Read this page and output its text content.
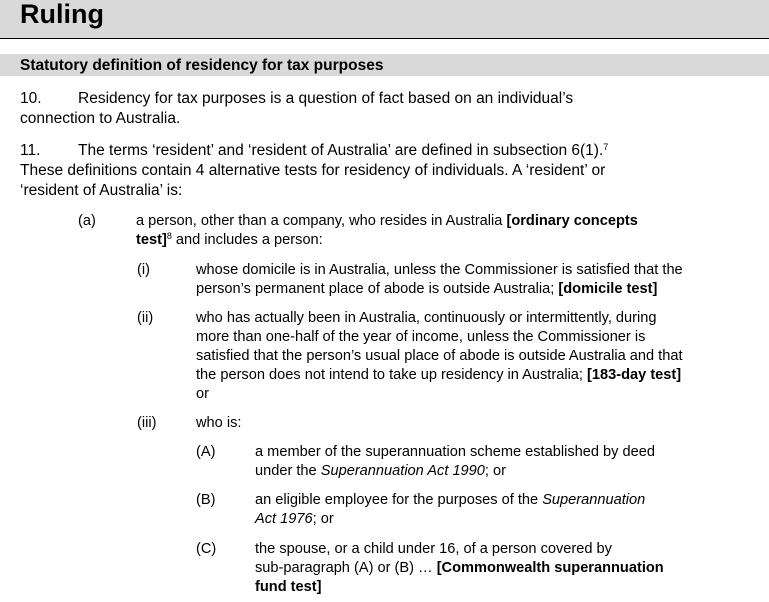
Ruling
Statutory definition of residency for tax purposes
10. Residency for tax purposes is a question of fact based on an individual’s
connection to Australia.
11. The terms ‘resident’ and ‘resident of Australia’ are defined in subsection 6(1).$^7$
These definitions contain 4 alternative tests for residency of individuals. A ‘resident’ or
‘resident of Australia’ is:
(a)	a person, other than a company, who resides in Australia [ordinary concepts
test]$^8$ and includes a person:
(i)	whose domicile is in Australia, unless the Commissioner is satisfied that the
person’s permanent place of abode is outside Australia; [domicile test]
(ii)	who has actually been in Australia, continuously or intermittently, during
more than one-half of the year of income, unless the Commissioner is
satisfied that the person’s usual place of abode is outside Australia and that
the person does not intend to take up residency in Australia; [183-day test]
or
(iii)	who is:
(A)	a member of the superannuation scheme established by deed
under the Superannuation Act 1990; or
(B)	an eligible employee for the purposes of the Superannuation
Act 1976; or
(C)	the spouse, or a child under 16, of a person covered by
sub-paragraph (A) or (B) … [Commonwealth superannuation
fund test]
